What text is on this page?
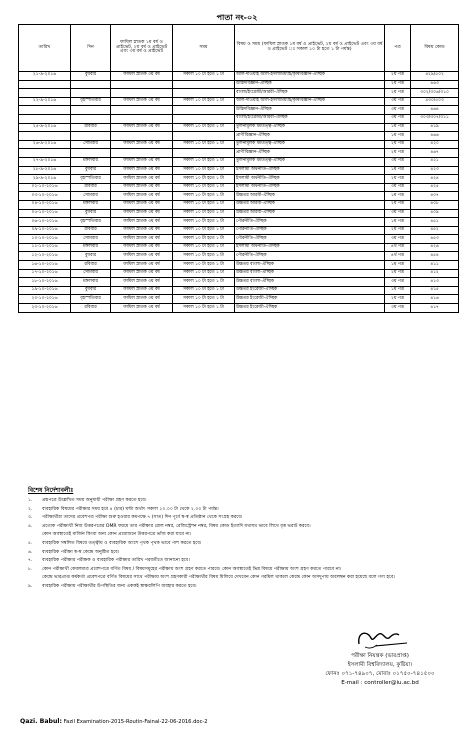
পাতা নং-০২
তারিখ	দিন	ফাযিল স্নাতক ১ম বর্ষ ও প্রাইভেট, ২য় বর্ষ ও প্রাইভেট এবং ৩য় বর্ষ ও প্রাইভেট	সময়	বিষয় ও সময় (ফাযিল স্নাতক ১ম বর্ষ ও প্রাইভেট, ২য় বর্ষ ও প্রাইভেট এবং ৩য় বর্ষ ও প্রাইভেট ঃ সকাল ১০ টা হতে ১ টা পর্যন্ত)	পত্র	বিষয় কোড
২১-৯-২০১৬	বুধবার	ফাযিল স্নাতক ৩য় বর্ষ	সকাল ১০ টা হতে ১ টা	আল-দাওয়াহ আল-ইসলামিয়্যাহ/কৃষিবিজ্ঞান-ঐচ্ছিক	২য় পত্র	৪২৯/৫০২
				উদ্ভিদবিজ্ঞান-ঐচ্ছিক	২য় পত্র	৪৬৩
				বাংলা/ইংরেজী/আরবী-ঐচ্ছিক	২য় পত্র	৩০২/৩০৬/৩১০
২২-৯-২০১৬	বৃহস্পতিবার	ফাযিল স্নাতক ৩য় বর্ষ	সকাল ১০ টা হতে ১ টা	আল-দাওয়াহ আল-ইসলামিয়্যাহ/কৃষিবিজ্ঞান-ঐচ্ছিক	৩য় পত্র	৪৩০/৫০৩
				উদ্ভিদবিজ্ঞান-ঐচ্ছিক	৩য় পত্র	৪৬৪
				বাংলা/ইংরেজী/আরবী-ঐচ্ছিক	৩য় পত্র	৩০৩/৩০৭/৩১১
২৫-৯-২০১৬	রবিবার	ফাযিল স্নাতক ৩য় বর্ষ	সকাল ১০ টা হতে ১ টা	তুলনামূলক ধর্মতত্ত্ব-ঐচ্ছিক	১ম পত্র	৪১৯
				প্রাণীবিজ্ঞান-ঐচ্ছিক	১ম পত্র	৪৬৬
২৬-৯-২০১৬	সোমবার	ফাযিল স্নাতক ৩য় বর্ষ	সকাল ১০ টা হতে ১ টা	তুলনামূলক ধর্মতত্ত্ব-ঐচ্ছিক	২য় পত্র	৪২০
				প্রাণীবিজ্ঞান-ঐচ্ছিক	২য় পত্র	৪৬৭
২৭-৯-২০১৬	মঙ্গলবার	ফাযিল স্নাতক ৩য় বর্ষ	সকাল ১০ টা হতে ১ টা	তুলনামূলক ধর্মতত্ত্ব-ঐচ্ছিক	৩য় পত্র	৪২১
২৮-৯-২০১৬	বুধবার	ফাযিল স্নাতক ৩য় বর্ষ	সকাল ১০ টা হতে ১ টা	ইসলামী অর্থনীতি-ঐচ্ছিক	১ম পত্র	৪২৩
২৯-৯-২০১৬	বৃহস্পতিবার	ফাযিল স্নাতক ৩য় বর্ষ	সকাল ১০ টা হতে ১ টা	ইসলামী অর্থনীতি-ঐচ্ছিক	২য় পত্র	৪২৪
০২-১০-২০১৬	রবিবার	ফাযিল স্নাতক ৩য় বর্ষ	সকাল ১০ টা হতে ১ টা	ইসলামী অর্থনীতি-ঐচ্ছিক	৩য় পত্র	৪২৫
০৩-১০-২০১৬	সোমবার	ফাযিল স্নাতক ৩য় বর্ষ	সকাল ১০ টা হতে ১ টা	উচ্চতর আরবী-ঐচ্ছিক	১ম পত্র	৪০৭
০৪-১০-২০১৬	মঙ্গলবার	ফাযিল স্নাতক ৩য় বর্ষ	সকাল ১০ টা হতে ১ টা	উচ্চতর আরবী-ঐচ্ছিক	২য় পত্র	৪০৮
০৫-১০-২০১৬	বুধবার	ফাযিল স্নাতক ৩য় বর্ষ	সকাল ১০ টা হতে ১ টা	উচ্চতর আরবী-ঐচ্ছিক	৩য় পত্র	৪০৯
০৬-১০-২০১৬	বৃহস্পতিবার	ফাযিল স্নাতক ৩য় বর্ষ	সকাল ১০ টা হতে ১ টা	পৌরনীতি-ঐচ্ছিক	১ম পত্র	৪৫১
০৯-১০-২০১৬	রবিবার	ফাযিল স্নাতক ৩য় বর্ষ	সকাল ১০ টা হতে ১ টা	পৌরনীতি-ঐচ্ছিক	২য় পত্র	৪৫২
১০-১০-২০১৬	সোমবার	ফাযিল স্নাতক ৩য় বর্ষ	সকাল ১০ টা হতে ১ টা	পৌরনীতি-ঐচ্ছিক	৩য় পত্র	৪৫৩
১১-১০-২০১৬	মঙ্গলবার	ফাযিল স্নাতক ৩য় বর্ষ	সকাল ১০ টা হতে ১ টা	ইসলামী অর্থনীতি-ঐচ্ছিক	৪র্থ পত্র	৪২৬
১২-১০-২০১৬	বুধবার	ফাযিল স্নাতক ৩য় বর্ষ	সকাল ১০ টা হতে ১ টা	পৌরনীতি-ঐচ্ছিক	৪র্থ পত্র	৪৫৪
১৬-১০-২০১৬	রবিবার	ফাযিল স্নাতক ৩য় বর্ষ	সকাল ১০ টা হতে ১ টা	উচ্চতর বাংলা-ঐচ্ছিক	১ম পত্র	৪১১
১৭-১০-২০১৬	সোমবার	ফাযিল স্নাতক ৩য় বর্ষ	সকাল ১০ টা হতে ১ টা	উচ্চতর বাংলা-ঐচ্ছিক	২য় পত্র	৪১২
১৮-১০-২০১৬	মঙ্গলবার	ফাযিল স্নাতক ৩য় বর্ষ	সকাল ১০ টা হতে ১ টা	উচ্চতর বাংলা-ঐচ্ছিক	৩য় পত্র	৪১৩
১৯-১০-২০১৬	বুধবার	ফাযিল স্নাতক ৩য় বর্ষ	সকাল ১০ টা হতে ১ টা	উচ্চতর ইংরেজী-ঐচ্ছিক	১ম পত্র	৪১৫
২০-১০-২০১৬	বৃহস্পতিবার	ফাযিল স্নাতক ৩য় বর্ষ	সকাল ১০ টা হতে ১ টা	উচ্চতর ইংরেজী-ঐচ্ছিক	২য় পত্র	৪১৬
২৩-১০-২০১৬	রবিবার	ফাযিল স্নাতক ৩য় বর্ষ	সকাল ১০ টা হতে ১ টা	উচ্চতর ইংরেজী-ঐচ্ছিক	৩য় পত্র	৪১৭
বিশেষ নির্দেশাবলীঃ
১.	প্রশ্নপত্রে উল্লেখিত সময় অনুযায়ী পরীক্ষা গ্রহণ করতে হবে।
২.	ব্যবহারিক বিষয়ের পরীক্ষার সময় হবে ৪ (চার) ঘন্টা অর্থাৎ সকাল ১০.০০ টা থেকে ২.০০ টা পর্যন্ত।
৩.	পরীক্ষার্থীরা তাদের প্রবেশপত্র পরীক্ষা শুরু হওয়ার কমপক্ষে ৭ (সাত) দিন পূর্বে স্ব-স্ব প্রতিষ্ঠান থেকে সংগ্রহ করবে।
৪.	প্রত্যেক পরীক্ষার্থী নিজ উত্তরপত্রের OMR ফরমে তার পরীক্ষার রোল নম্বর, রেজিস্ট্রেশন নম্বর, বিষয় কোড ইত্যাদি যথাযথ ভাবে লিখে বৃত্ত ভরাট করবে।
কোন অবস্থাতেই মার্জিন কিংবা অন্য কোন প্রয়োজনে উত্তরপত্রে ভাঁজ করা যাবে না।
৫.	ব্যবহারিক সম্বলিত বিষয়ে তত্ত্বীয় ও ব্যবহারিক অংশে পৃথক পৃথক ভাবে পাশ করতে হবে।
৬.	ব্যবহারিক পরীক্ষা স্ব-স্ব কেন্দ্রে অনুষ্ঠিত হবে।
৭.	ব্যবহারিক পরীক্ষার পরীক্ষক ও ব্যবহারিক পরীক্ষার তারিখ পরবর্তীতে জানানো হবে।
৮.	কোন পরীক্ষার্থী কেবলমাত্র প্রবেশপত্রে বর্ণিত বিষয় / বিষয়সমূহের পরীক্ষায় অংশ গ্রহণ করতে পারবে। কোন অবস্থাতেই ভিন্ন বিষয়ে পরীক্ষায় অংশ গ্রহণ করতে পারবে না।
কেন্দ্রে ভারপ্রাপ্ত কর্মকর্তা প্রবেশপত্রে বর্ণিত বিষয়ের সাথে পরীক্ষায় অংশ গ্রহণকারী পরীক্ষার্থীর বিষয় মিলিয়ে দেখবেন কোন গরমিল থাকলে কেন্দ্রে কোন অসদুপায় অবলম্বন করা হয়েছে বলে গণ্য হবে।
৯.	ব্যবহারিক পরীক্ষায় পরীক্ষার্থীর উপস্থিতির জন্য এককই স্বাক্ষরলিপি ব্যবহার করতে হবে।
পরীক্ষা নিয়ন্ত্রক (ভারপ্রাপ্ত)
ইসলামী বিশ্ববিদ্যালয়, কুষ্টিয়া।
ফোনঃ ০৭১-৭৪৯০৭, মোবাঃ ০১৭৫০-৭৪১৫০০
E-mail : controller@iu.ac.bd
Qazi. Babul: Fazil Examination-2015-Routin-Fainal-22-06-2016.doc-2
